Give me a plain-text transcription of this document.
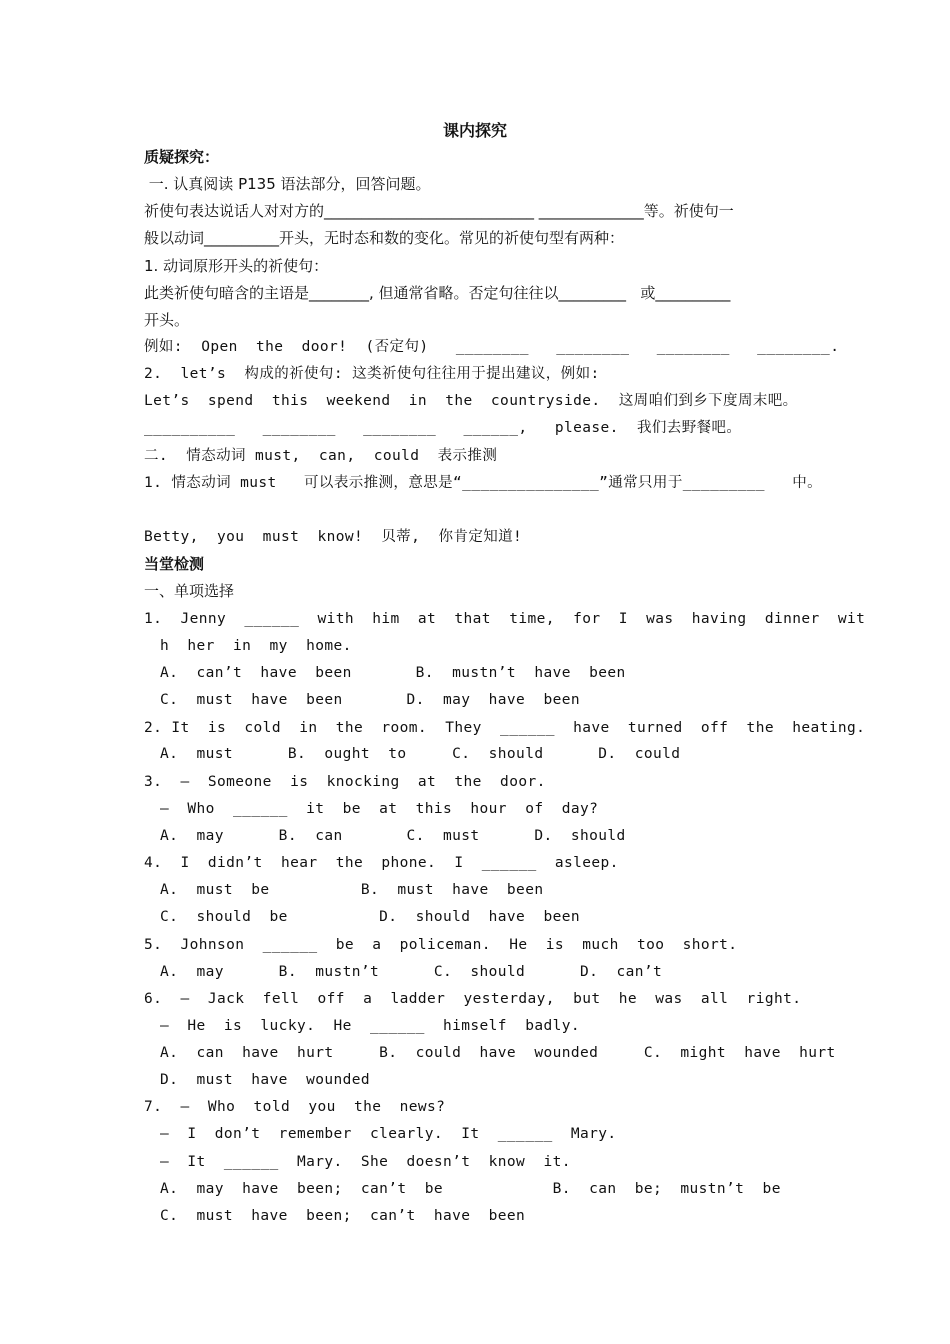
课内探究
质疑探究：
一. 认真阅读 P135 语法部分，回答问题。
祈使句表达说话人对对方的____________________________ ______________等。祈使句一
般以动词__________开头，无时态和数的变化。常见的祈使句型有两种：
1. 动词原形开头的祈使句：
此类祈使句暗含的主语是________, 但通常省略。否定句往往以_________   或__________
开头。
例如:  Open  the  door!  (否定句)   ________   ________   ________   ________.
2.  let’s  构成的祈使句: 这类祈使句往往用于提出建议，例如:
Let’s  spend  this  weekend  in  the  countryside.  这周咱们到乡下度周末吧。
__________   ________   ________   ______,   please.  我们去野餐吧。
二.  情态动词 must,  can,  could  表示推测
1. 情态动词 must   可以表示推测，意思是“_______________”通常只用于_________   中。
Betty,  you  must  know!  贝蒂,  你肯定知道!
当堂检测
一、单项选择
1.  Jenny  ______  with  him  at  that  time,  for  I  was  having  dinner  wit
h  her  in  my  home.
A.  can’t  have  been       B.  mustn’t  have  been
C.  must  have  been       D.  may  have  been
2. It  is  cold  in  the  room.  They  ______  have  turned  off  the  heating.
A.  must      B.  ought  to     C.  should      D.  could
3.  —  Someone  is  knocking  at  the  door.
—  Who  ______  it  be  at  this  hour  of  day?
A.  may      B.  can       C.  must      D.  should
4.  I  didn’t  hear  the  phone.  I  ______  asleep.
A.  must  be          B.  must  have  been
C.  should  be          D.  should  have  been
5.  Johnson  ______  be  a  policeman.  He  is  much  too  short.
A.  may      B.  mustn’t      C.  should      D.  can’t
6.  —  Jack  fell  off  a  ladder  yesterday,  but  he  was  all  right.
—  He  is  lucky.  He  ______  himself  badly.
A.  can  have  hurt     B.  could  have  wounded     C.  might  have  hurt
D.  must  have  wounded
7.  —  Who  told  you  the  news?
—  I  don’t  remember  clearly.  It  ______  Mary.
—  It  ______  Mary.  She  doesn’t  know  it.
A.  may  have  been;  can’t  be            B.  can  be;  mustn’t  be
C.  must  have  been;  can’t  have  been
